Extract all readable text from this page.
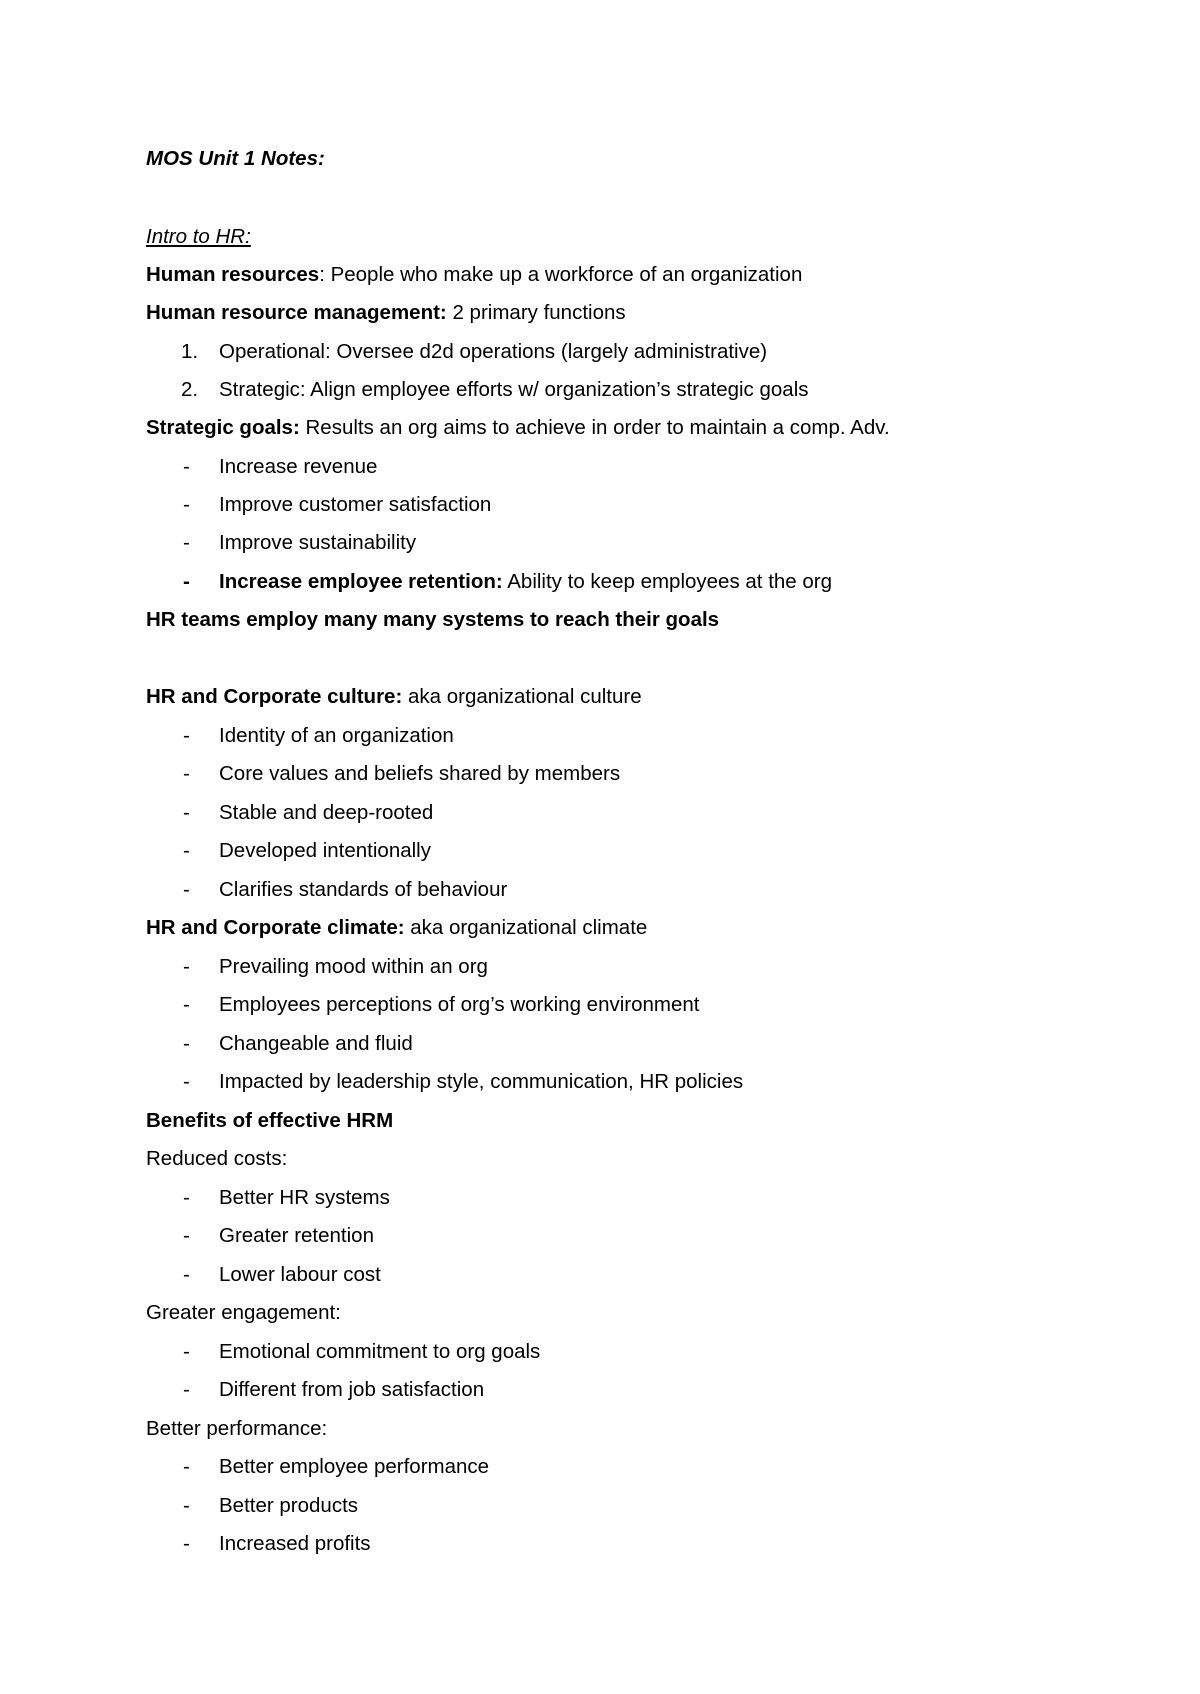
MOS Unit 1 Notes:
Intro to HR:
Human resources: People who make up a workforce of an organization
Human resource management: 2 primary functions
1.	Operational: Oversee d2d operations (largely administrative)
2.	Strategic: Align employee efforts w/ organization’s strategic goals
Strategic goals: Results an org aims to achieve in order to maintain a comp. Adv.
-	Increase revenue
-	Improve customer satisfaction
-	Improve sustainability
-	Increase employee retention: Ability to keep employees at the org
HR teams employ many many systems to reach their goals
HR and Corporate culture: aka organizational culture
-	Identity of an organization
-	Core values and beliefs shared by members
-	Stable and deep-rooted
-	Developed intentionally
-	Clarifies standards of behaviour
HR and Corporate climate: aka organizational climate
-	Prevailing mood within an org
-	Employees perceptions of org’s working environment
-	Changeable and fluid
-	Impacted by leadership style, communication, HR policies
Benefits of effective HRM
Reduced costs:
-	Better HR systems
-	Greater retention
-	Lower labour cost
Greater engagement:
-	Emotional commitment to org goals
-	Different from job satisfaction
Better performance:
-	Better employee performance
-	Better products
-	Increased profits
